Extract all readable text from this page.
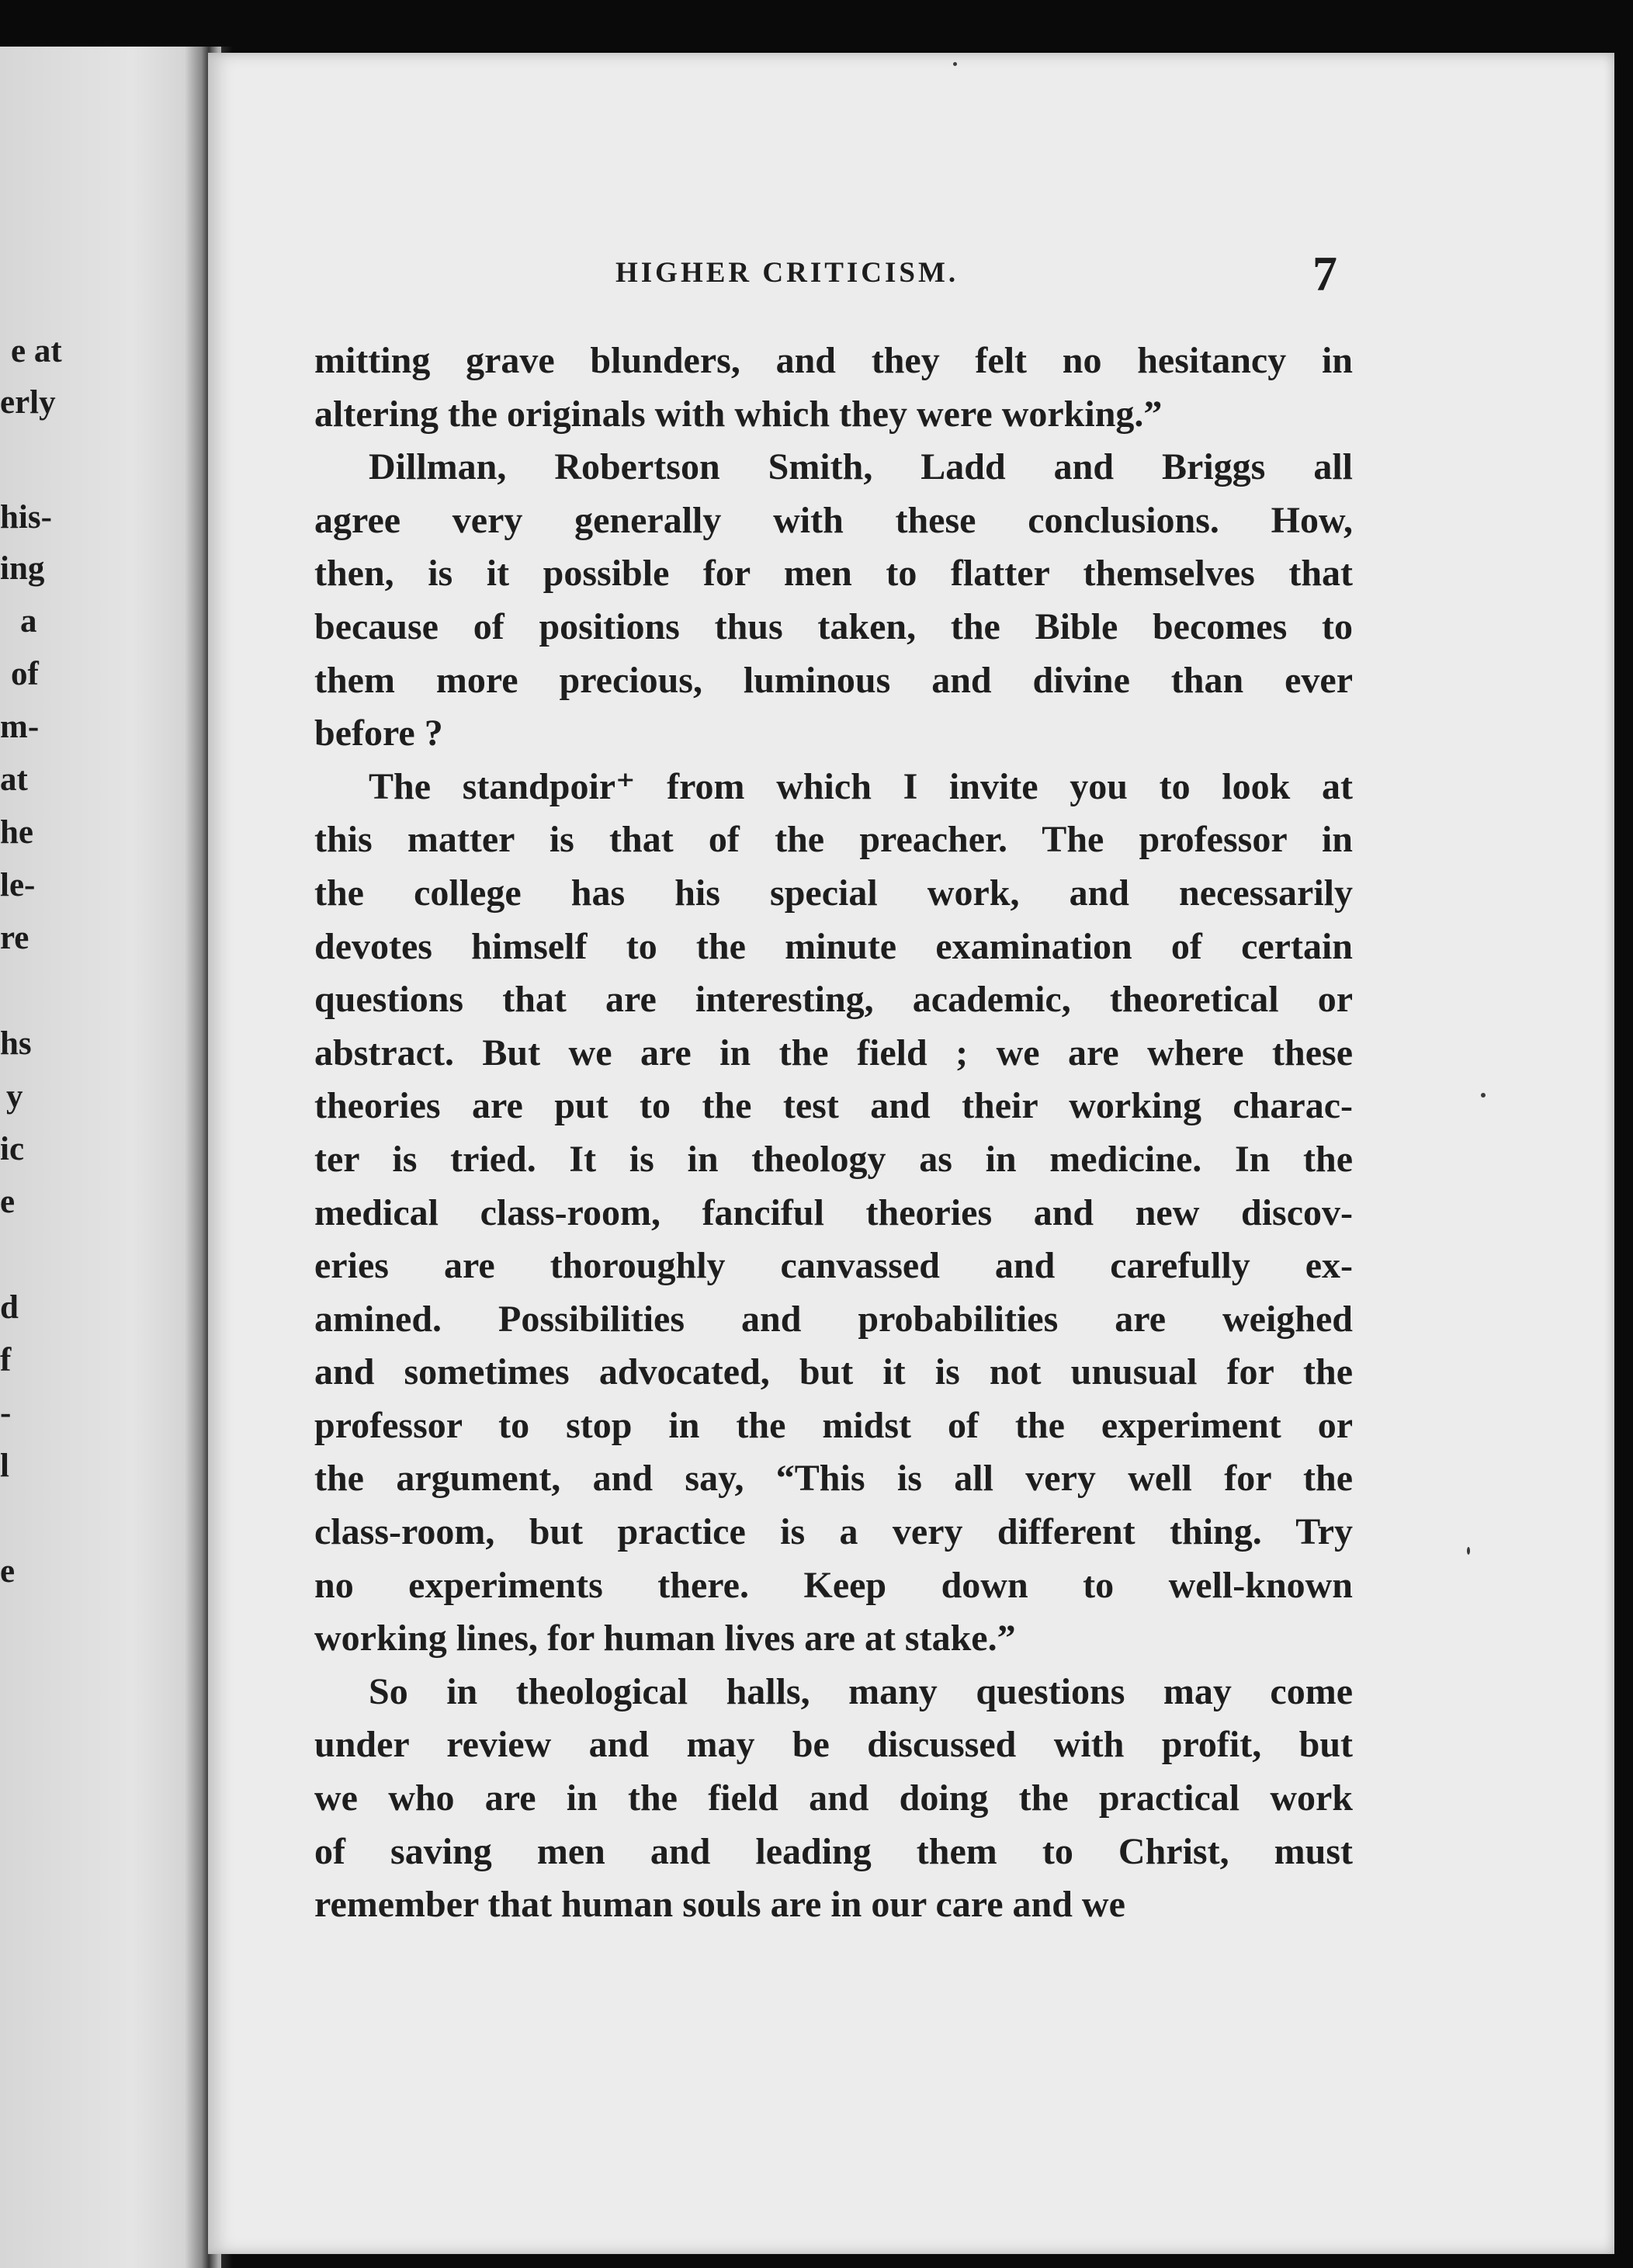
e at
erly
his-
ing
a
of
m-
at
he
le-
re
hs
y
ic
e
d
f
-
l
e
HIGHER CRITICISM.	7
mitting grave blunders, and they felt no hesitancy in
altering the originals with which they were working.”
Dillman, Robertson Smith, Ladd and Briggs all
agree very generally with these conclusions. How,
then, is it possible for men to flatter themselves that
because of positions thus taken, the Bible becomes to
them more precious, luminous and divine than ever
before ?
The standpoir⁺ from which I invite you to look at
this matter is that of the preacher. The professor in
the college has his special work, and necessarily
devotes himself to the minute examination of certain
questions that are interesting, academic, theoretical or
abstract. But we are in the field ; we are where these
theories are put to the test and their working charac-
ter is tried. It is in theology as in medicine. In the
medical class-room, fanciful theories and new discov-
eries are thoroughly canvassed and carefully ex-
amined. Possibilities and probabilities are weighed
and sometimes advocated, but it is not unusual for the
professor to stop in the midst of the experiment or
the argument, and say, “This is all very well for the
class-room, but practice is a very different thing. Try
no experiments there. Keep down to well-known
working lines, for human lives are at stake.”
So in theological halls, many questions may come
under review and may be discussed with profit, but
we who are in the field and doing the practical work
of saving men and leading them to Christ, must
remember that human souls are in our care and we
